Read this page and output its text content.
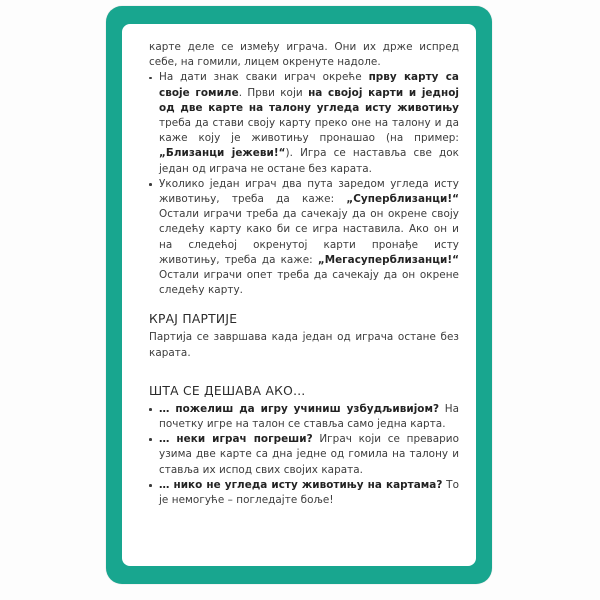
карте деле се између играча. Они их држе испред себе, на гомили, лицем окренуте надоле.

На дати знак сваки играч окреће прву карту са своје гомиле. Први који на својој карти и једној од две карте на талону угледа исту животињу треба да стави своју карту преко оне на талону и да каже коју је животињу пронашао (на пример: „Близанци јежеви!“). Игра се наставља све док један од играча не остане без карата.
Уколико један играч два пута заредом угледа исту животињу, треба да каже: „Суперблизанци!“ Остали играчи треба да сачекају да он окрене своју следећу карту како би се игра наставила. Ако он и на следећој окренутој карти пронађе исту животињу, треба да каже: „Мегасуперблизанци!“ Остали играчи опет треба да сачекају да он окрене следећу карту.
КРАЈ ПАРТИЈЕ

Партија се завршава када један од играча остане без карата.

ШТА СЕ ДЕШАВА АКО…
… пожелиш да игру учиниш узбудљивијом? На почетку игре на талон се ставља само једна карта.
… неки играч погреши? Играч који се преварио узима две карте са дна једне од гомила на талону и ставља их испод свих својих карата.
… нико не угледа исту животињу на картама? То је немогуће – погледајте боље!
